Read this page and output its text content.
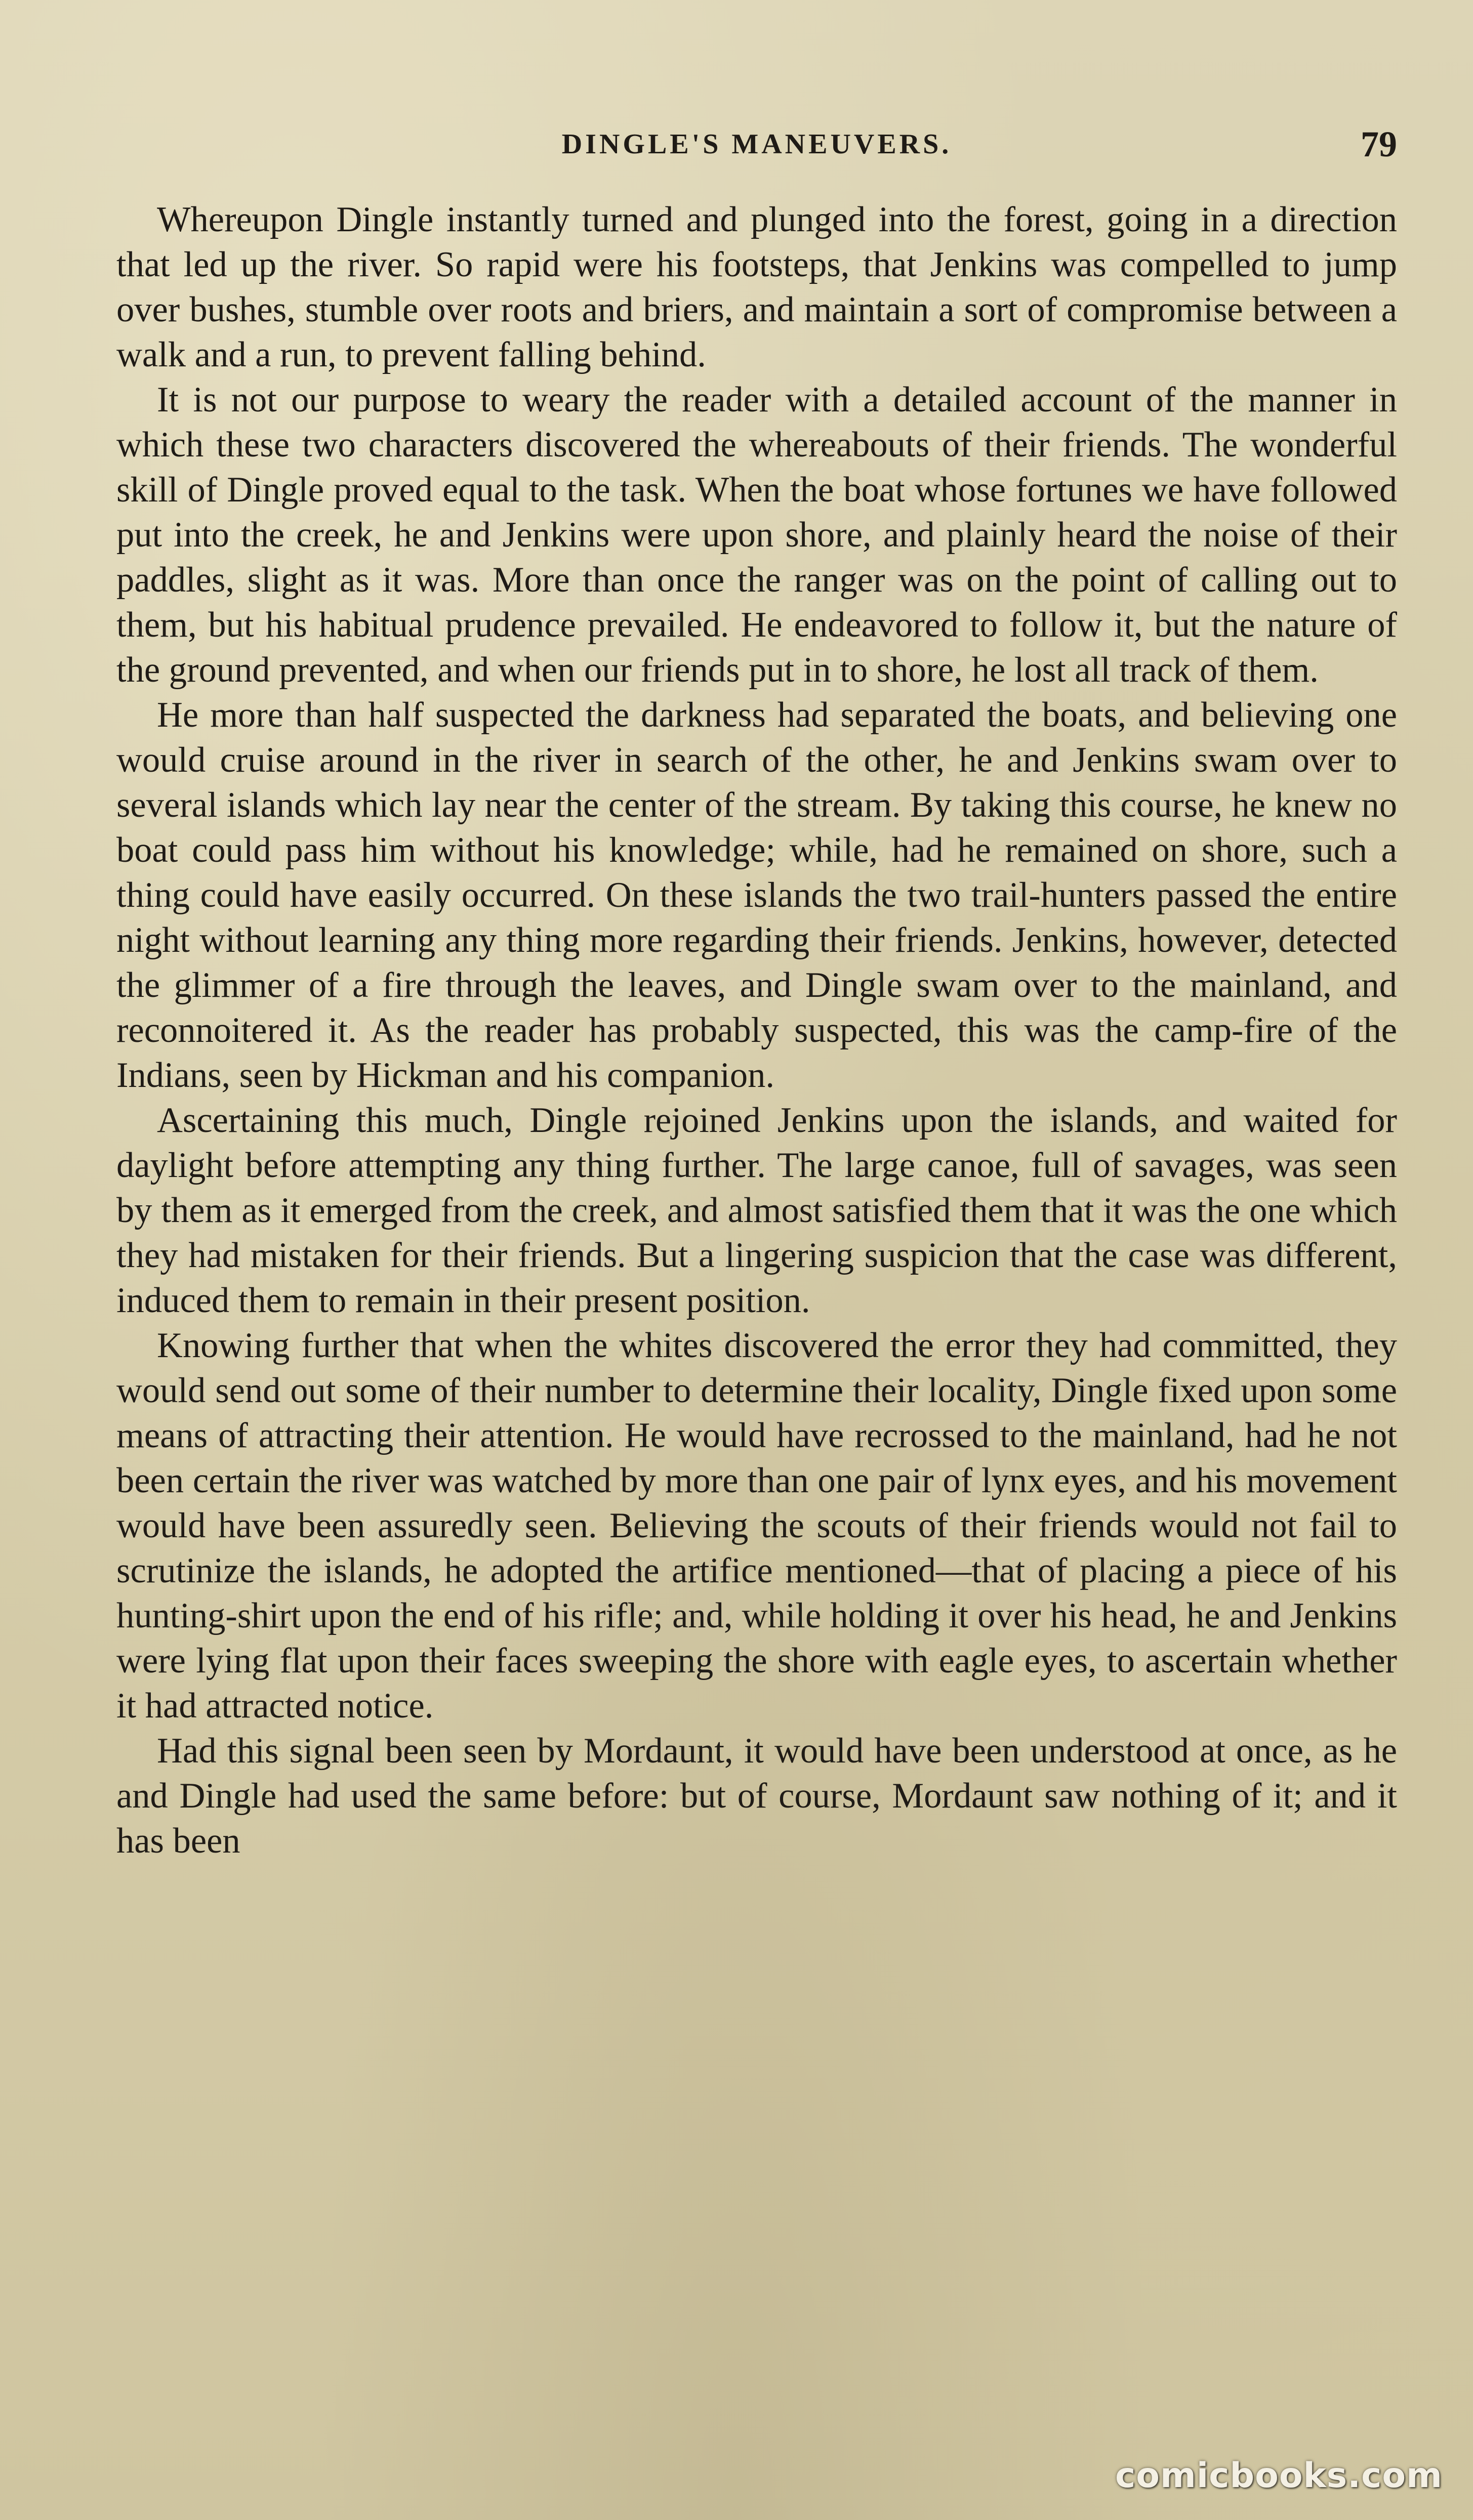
DINGLE'S MANEUVERS.	79

Whereupon Dingle instantly turned and plunged into the forest, going in a direction that led up the river. So rapid were his footsteps, that Jenkins was compelled to jump over bushes, stumble over roots and briers, and maintain a sort of compromise between a walk and a run, to prevent falling behind.

It is not our purpose to weary the reader with a detailed account of the manner in which these two characters discovered the whereabouts of their friends. The wonderful skill of Dingle proved equal to the task. When the boat whose fortunes we have followed put into the creek, he and Jenkins were upon shore, and plainly heard the noise of their paddles, slight as it was. More than once the ranger was on the point of calling out to them, but his habitual prudence prevailed. He endeavored to follow it, but the nature of the ground prevented, and when our friends put in to shore, he lost all track of them.

He more than half suspected the darkness had separated the boats, and believing one would cruise around in the river in search of the other, he and Jenkins swam over to several islands which lay near the center of the stream. By taking this course, he knew no boat could pass him without his knowledge; while, had he remained on shore, such a thing could have easily occurred. On these islands the two trail-hunters passed the entire night without learning any thing more regarding their friends. Jenkins, however, detected the glimmer of a fire through the leaves, and Dingle swam over to the mainland, and reconnoitered it. As the reader has probably suspected, this was the camp-fire of the Indians, seen by Hickman and his companion.

Ascertaining this much, Dingle rejoined Jenkins upon the islands, and waited for daylight before attempting any thing further. The large canoe, full of savages, was seen by them as it emerged from the creek, and almost satisfied them that it was the one which they had mistaken for their friends. But a lingering suspicion that the case was different, induced them to remain in their present position.

Knowing further that when the whites discovered the error they had committed, they would send out some of their number to determine their locality, Dingle fixed upon some means of attracting their attention. He would have recrossed to the mainland, had he not been certain the river was watched by more than one pair of lynx eyes, and his movement would have been assuredly seen. Believing the scouts of their friends would not fail to scrutinize the islands, he adopted the artifice mentioned—that of placing a piece of his hunting-shirt upon the end of his rifle; and, while holding it over his head, he and Jenkins were lying flat upon their faces sweeping the shore with eagle eyes, to ascertain whether it had attracted notice.

Had this signal been seen by Mordaunt, it would have been understood at once, as he and Dingle had used the same before: but of course, Mordaunt saw nothing of it; and it has been

comicbooks.com
